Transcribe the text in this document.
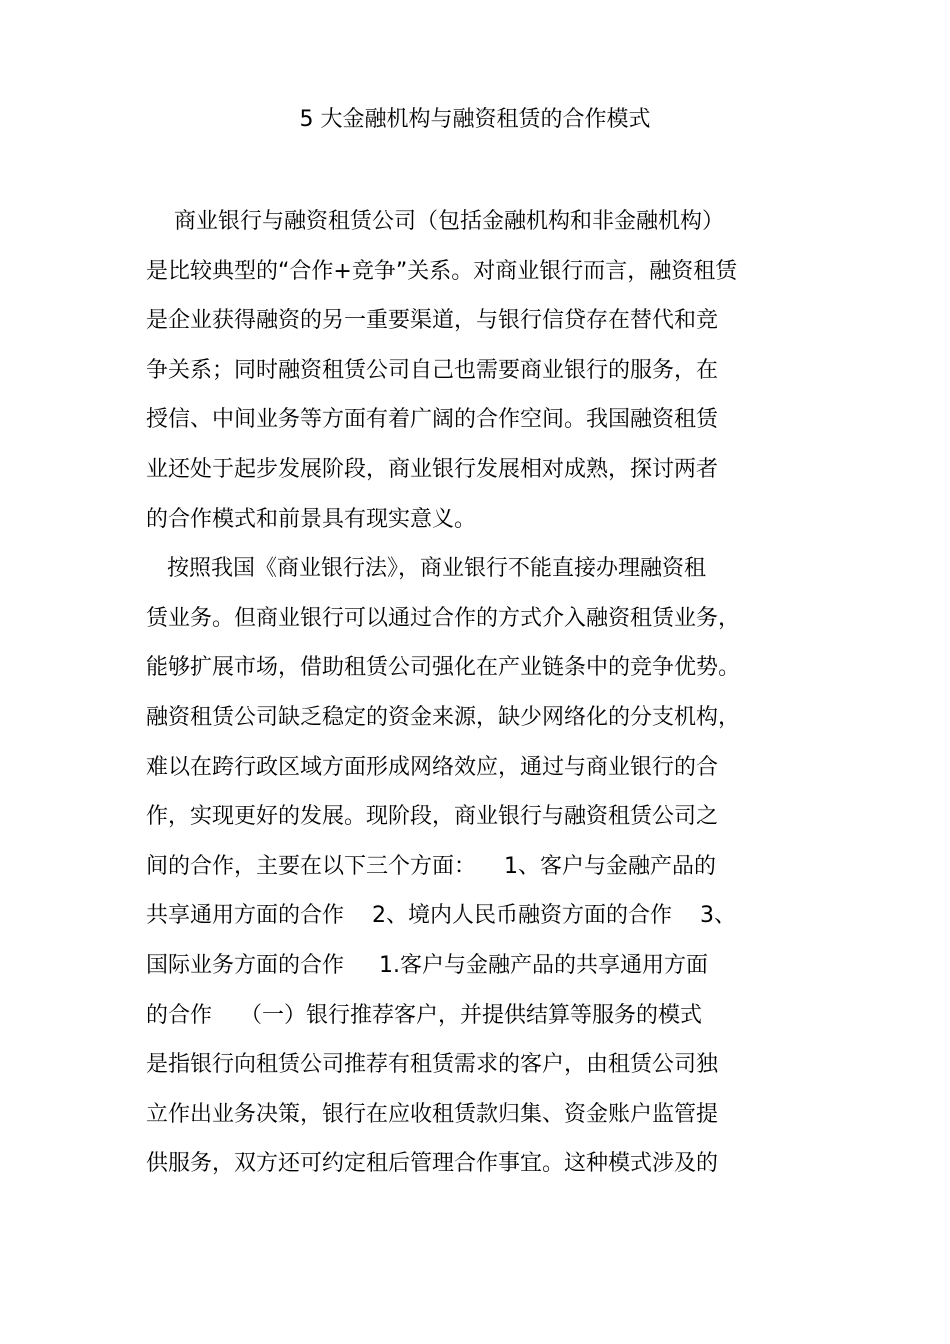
5 大金融机构与融资租赁的合作模式
商业银行与融资租赁公司（包括金融机构和非金融机构）
是比较典型的“合作+竞争”关系。对商业银行而言，融资租赁
是企业获得融资的另一重要渠道，与银行信贷存在替代和竞
争关系；同时融资租赁公司自己也需要商业银行的服务，在
授信、中间业务等方面有着广阔的合作空间。我国融资租赁
业还处于起步发展阶段，商业银行发展相对成熟，探讨两者
的合作模式和前景具有现实意义。
按照我国《商业银行法》，商业银行不能直接办理融资租
赁业务。但商业银行可以通过合作的方式介入融资租赁业务，
能够扩展市场，借助租赁公司强化在产业链条中的竞争优势。
融资租赁公司缺乏稳定的资金来源，缺少网络化的分支机构，
难以在跨行政区域方面形成网络效应，通过与商业银行的合
作，实现更好的发展。现阶段，商业银行与融资租赁公司之
间的合作，主要在以下三个方面：    1、客户与金融产品的
共享通用方面的合作    2、境内人民币融资方面的合作    3、
国际业务方面的合作     1.客户与金融产品的共享通用方面
的合作    （一）银行推荐客户，并提供结算等服务的模式
是指银行向租赁公司推荐有租赁需求的客户，由租赁公司独
立作出业务决策，银行在应收租赁款归集、资金账户监管提
供服务，双方还可约定租后管理合作事宜。这种模式涉及的
